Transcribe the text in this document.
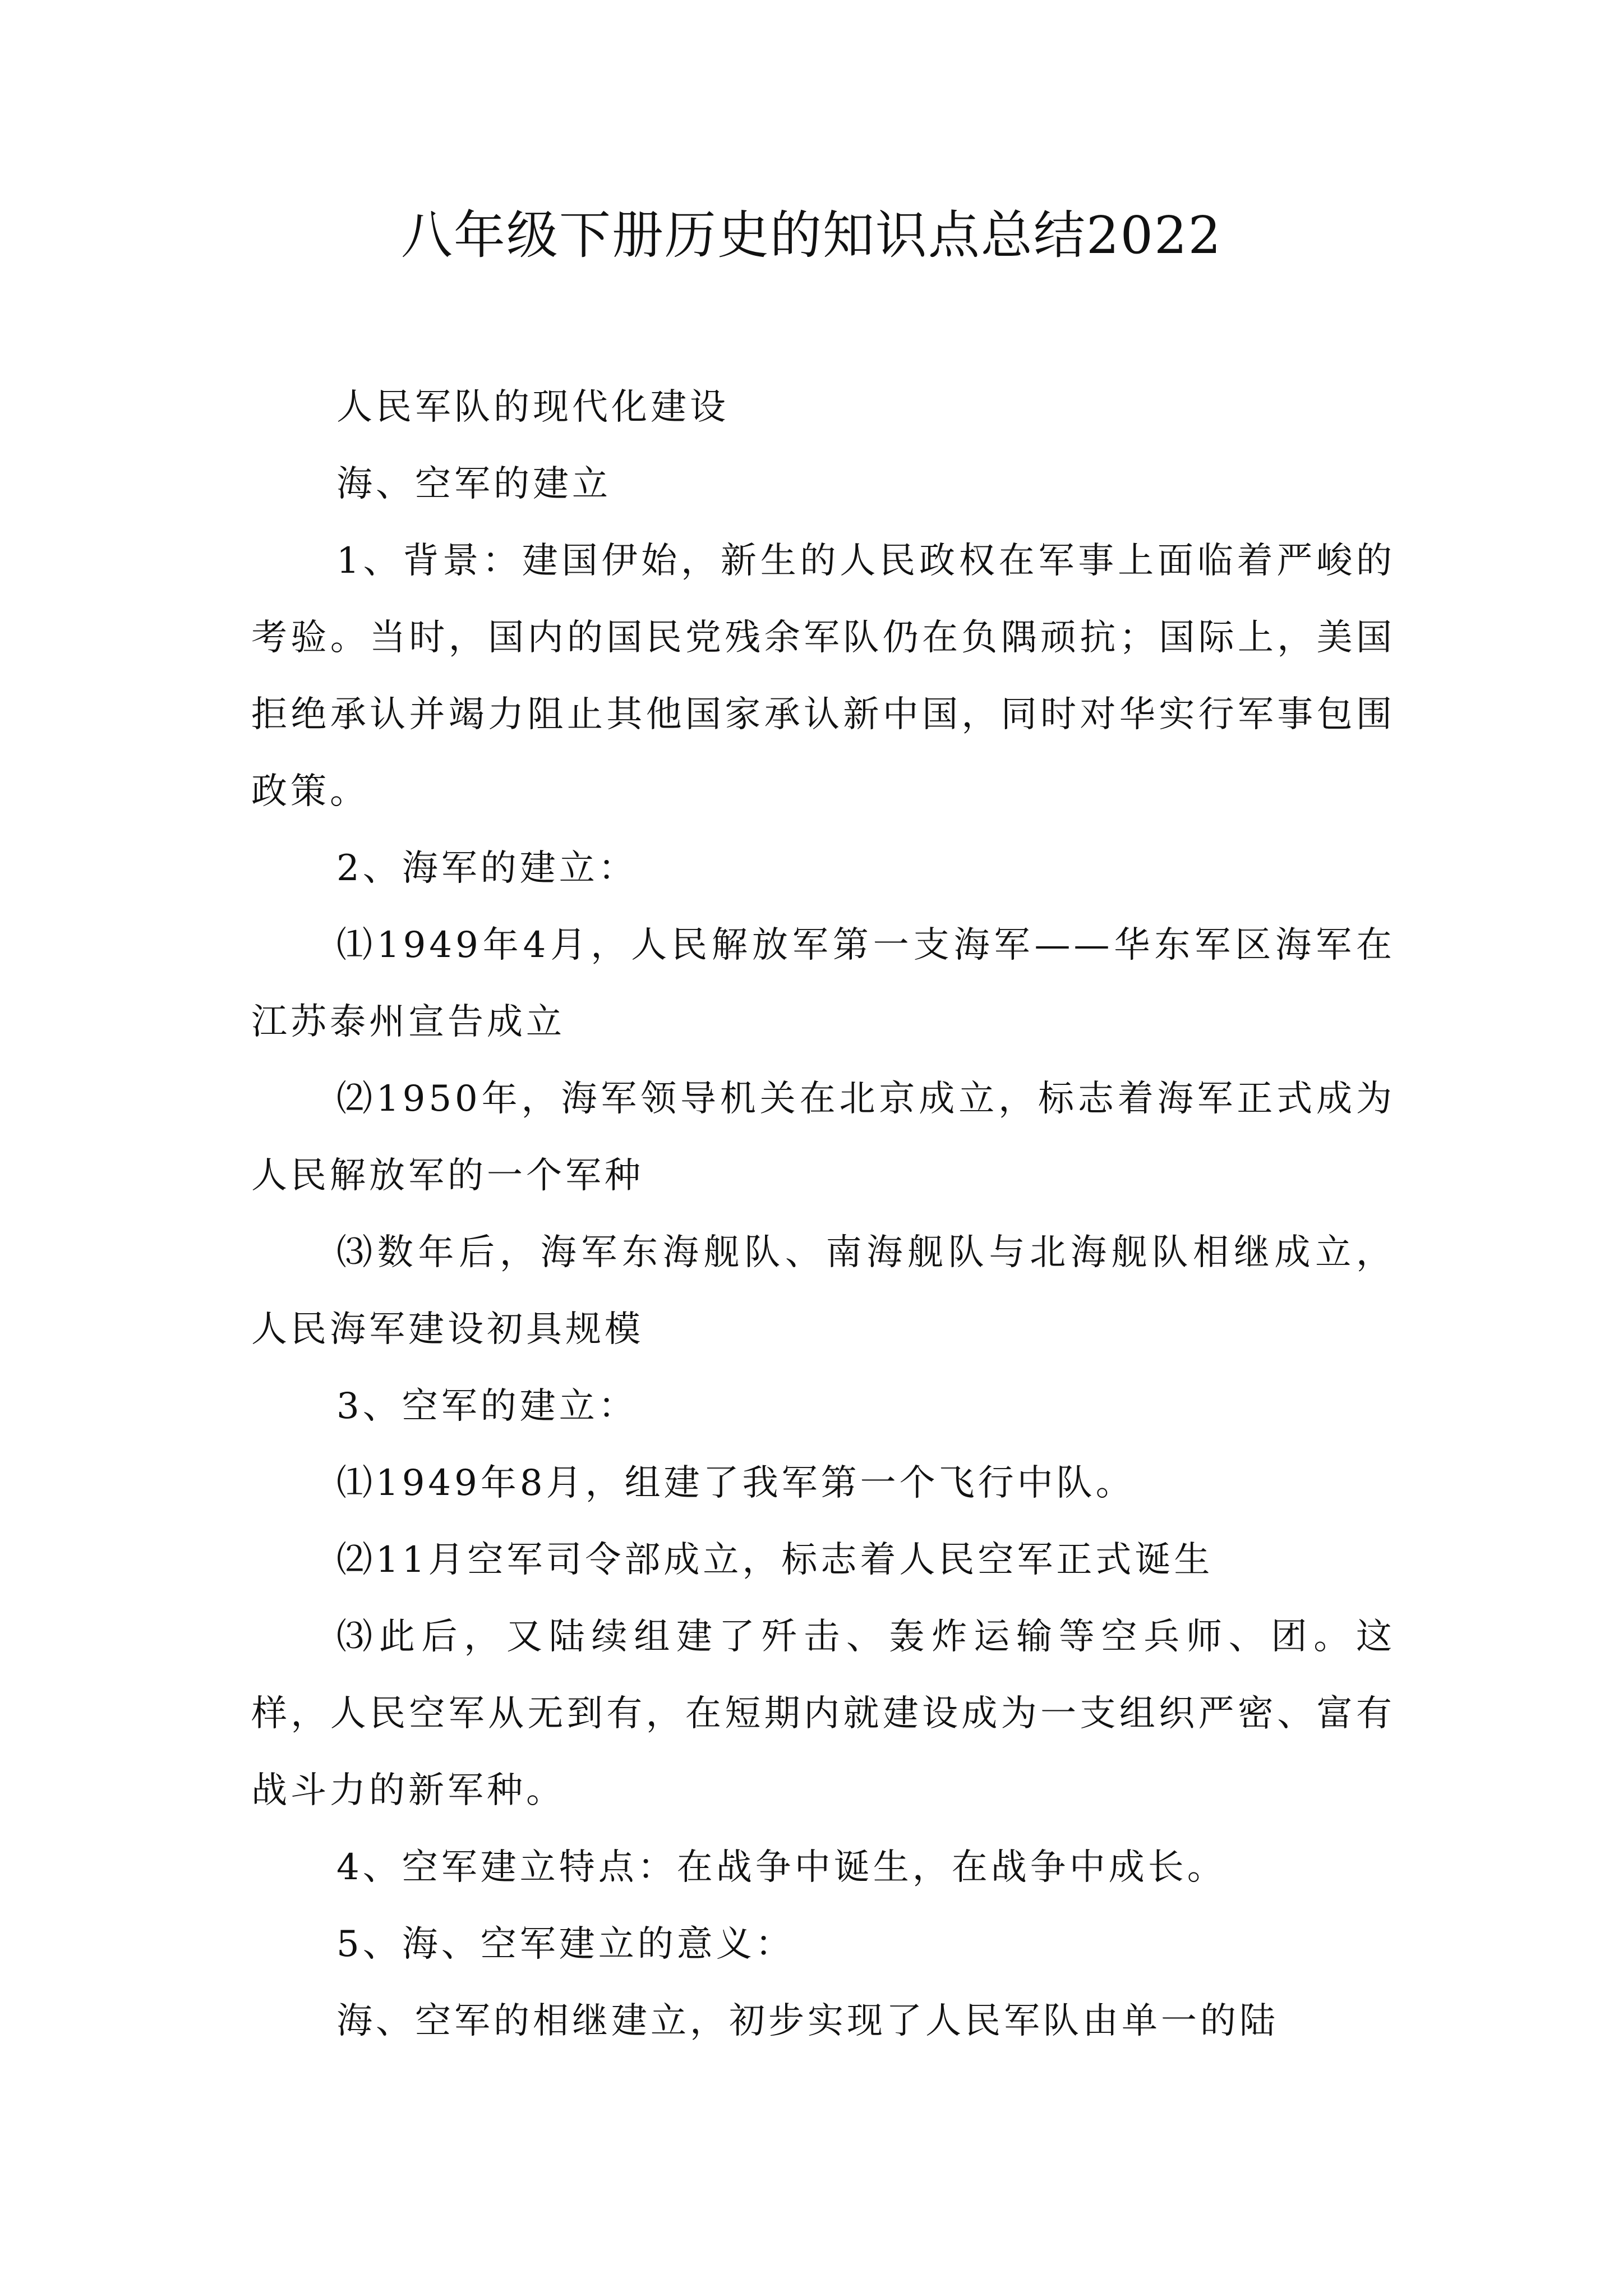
八年级下册历史的知识点总结2022

人民军队的现代化建设

海、空军的建立

1、背景：建国伊始，新生的人民政权在军事上面临着严峻的考验。当时，国内的国民党残余军队仍在负隅顽抗；国际上，美国拒绝承认并竭力阻止其他国家承认新中国，同时对华实行军事包围政策。

2、海军的建立：

⑴1949年4月，人民解放军第一支海军——华东军区海军在江苏泰州宣告成立

⑵1950年，海军领导机关在北京成立，标志着海军正式成为人民解放军的一个军种

⑶数年后，海军东海舰队、南海舰队与北海舰队相继成立，人民海军建设初具规模

3、空军的建立：

⑴1949年8月，组建了我军第一个飞行中队。

⑵11月空军司令部成立，标志着人民空军正式诞生

⑶此后，又陆续组建了歼击、轰炸运输等空兵师、团。这样，人民空军从无到有，在短期内就建设成为一支组织严密、富有战斗力的新军种。

4、空军建立特点：在战争中诞生，在战争中成长。

5、海、空军建立的意义：

海、空军的相继建立，初步实现了人民军队由单一的陆
